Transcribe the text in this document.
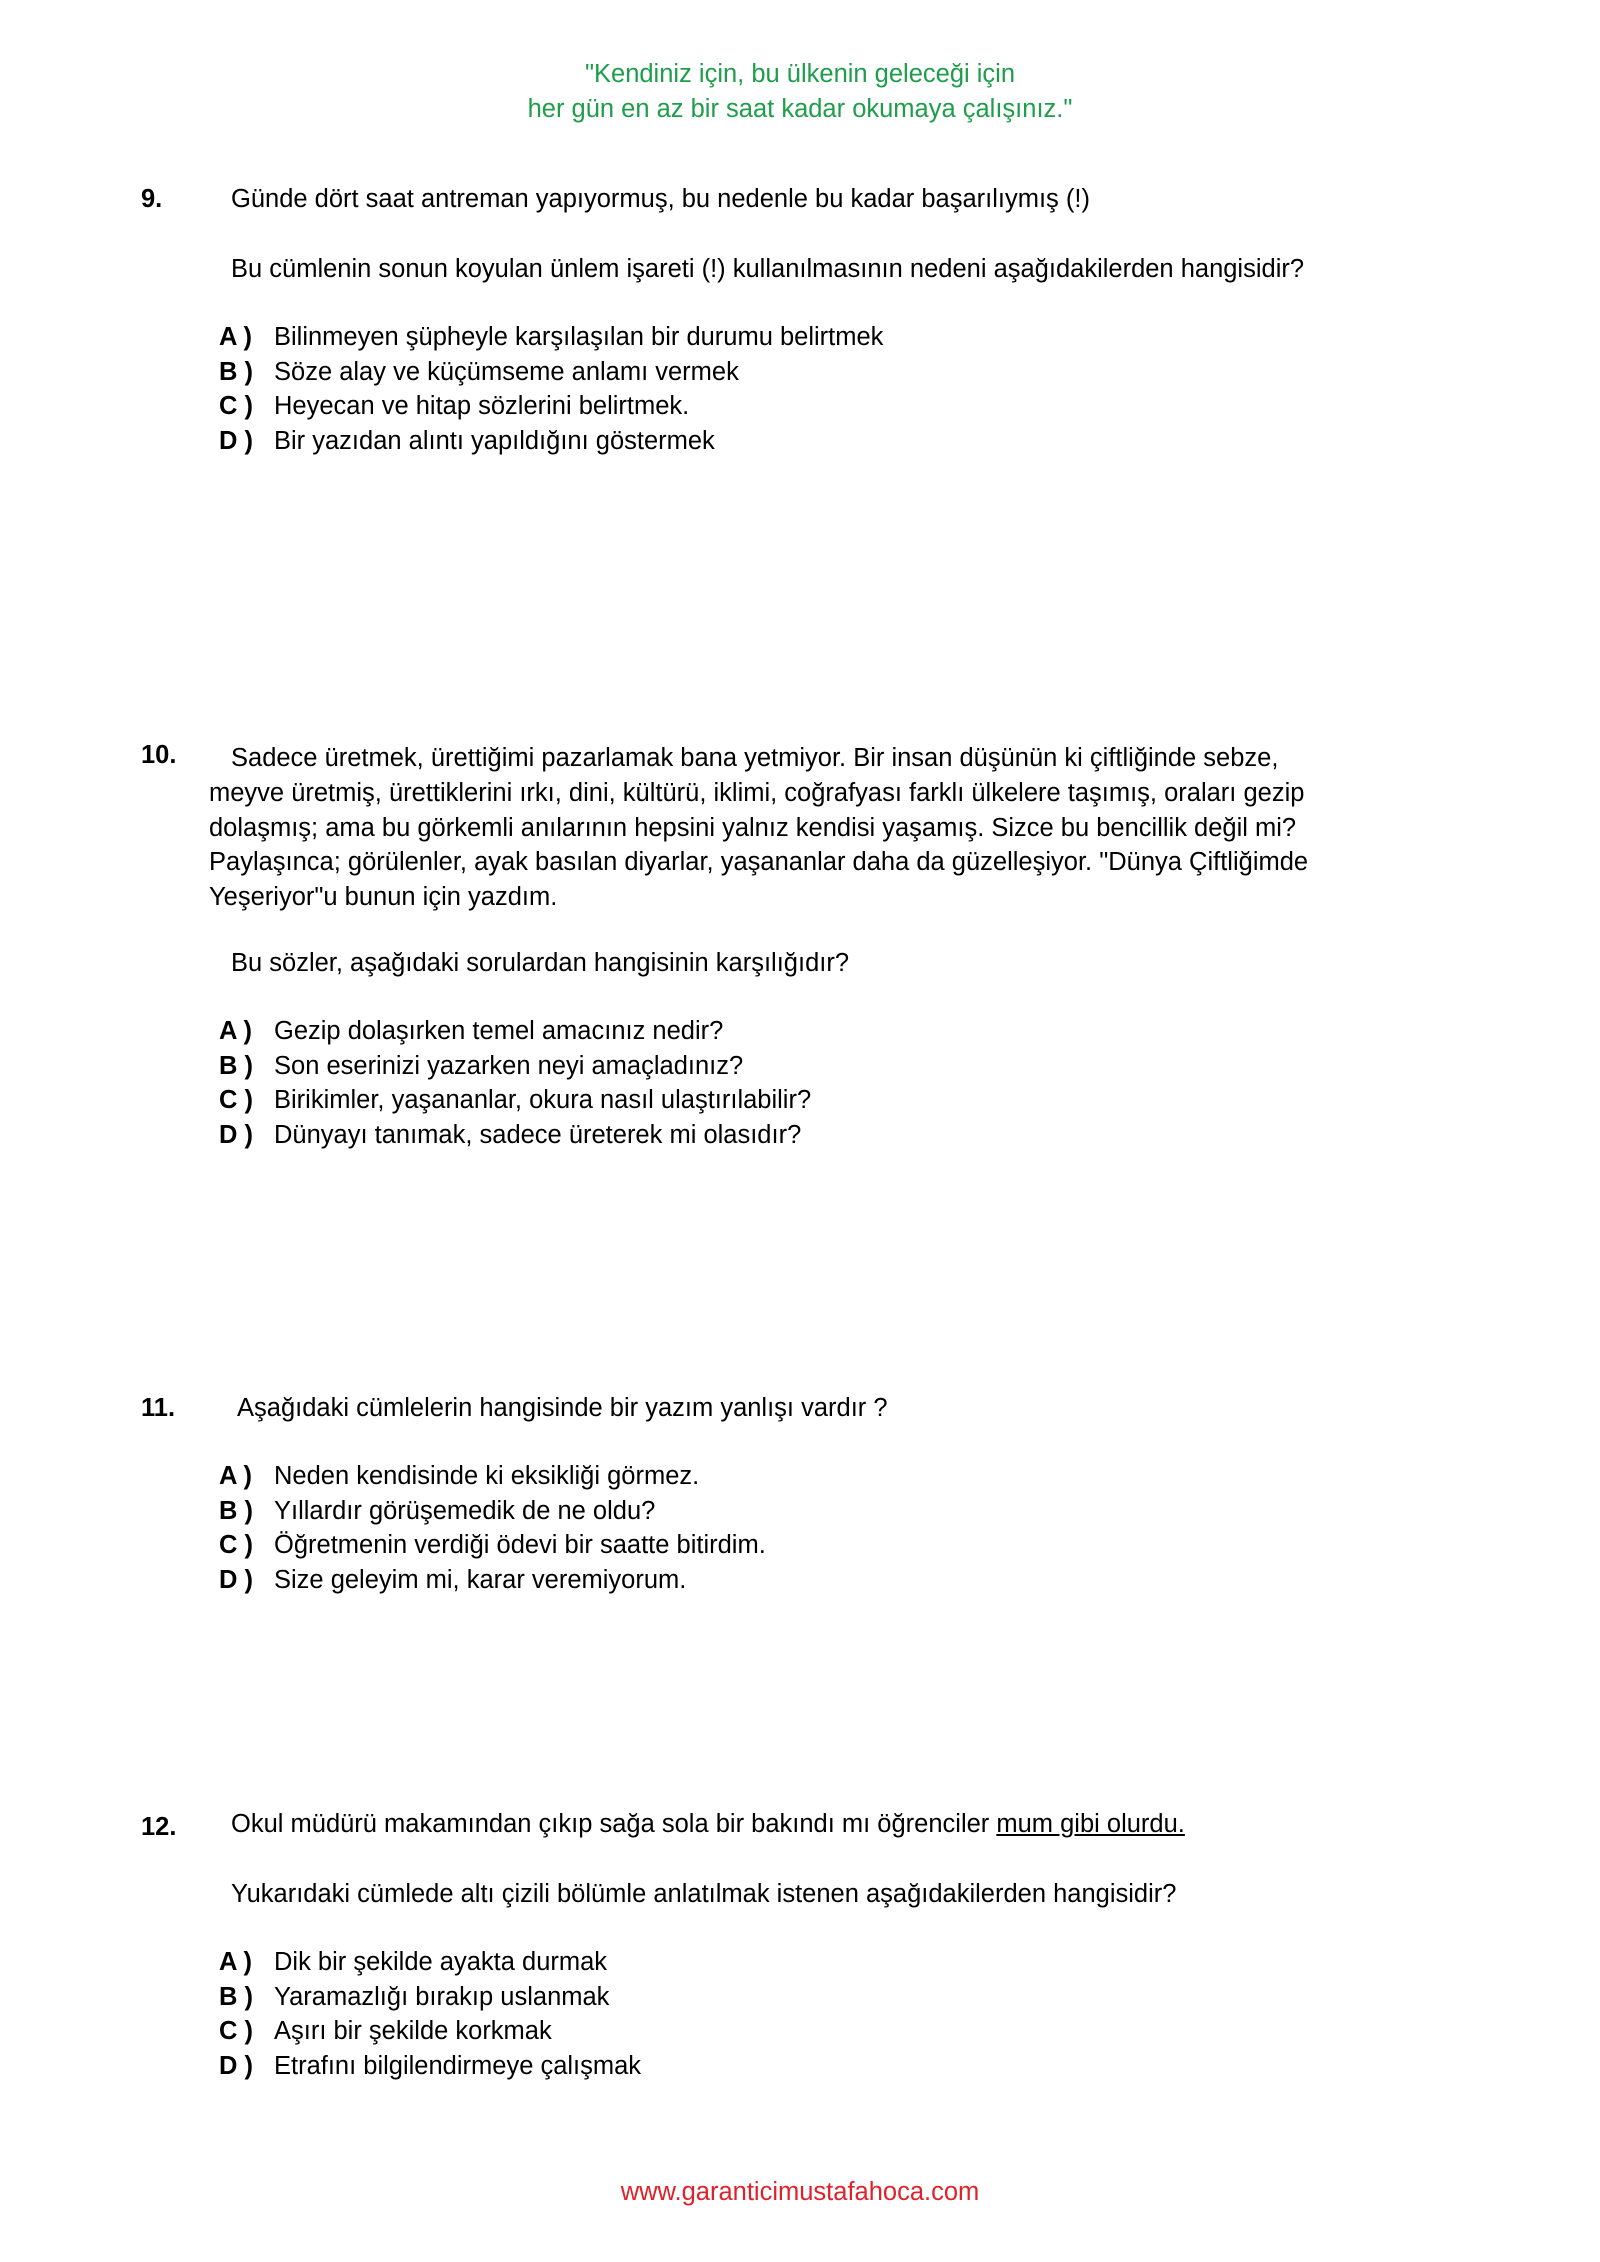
"Kendiniz için, bu ülkenin geleceği için
her gün en az bir saat kadar okumaya çalışınız."
9.	Günde dört saat antreman yapıyormuş, bu nedenle bu kadar başarılıymış (!)
Bu cümlenin sonun koyulan ünlem işareti (!) kullanılmasının nedeni aşağıdakilerden hangisidir?
A ) Bilinmeyen şüpheyle karşılaşılan bir durumu belirtmek
B ) Söze alay ve küçümseme anlamı vermek
C ) Heyecan ve hitap sözlerini belirtmek.
D ) Bir yazıdan alıntı yapıldığını göstermek
10.	Sadece üretmek, ürettiğimi pazarlamak bana yetmiyor. Bir insan düşünün ki çiftliğinde sebze,
meyve üretmiş, ürettiklerini ırkı, dini, kültürü, iklimi, coğrafyası farklı ülkelere taşımış, oraları gezip
dolaşmış; ama bu görkemli anılarının hepsini yalnız kendisi yaşamış. Sizce bu bencillik değil mi?
Paylaşınca; görülenler, ayak basılan diyarlar, yaşananlar daha da güzelleşiyor. "Dünya Çiftliğimde
Yeşeriyor"u bunun için yazdım.
Bu sözler, aşağıdaki sorulardan hangisinin karşılığıdır?
A ) Gezip dolaşırken temel amacınız nedir?
B ) Son eserinizi yazarken neyi amaçladınız?
C ) Birikimler, yaşananlar, okura nasıl ulaştırılabilir?
D ) Dünyayı tanımak, sadece üreterek mi olasıdır?
11. Aşağıdaki cümlelerin hangisinde bir yazım yanlışı vardır ?
A ) Neden kendisinde ki eksikliği görmez.
B ) Yıllardır görüşemedik de ne oldu?
C ) Öğretmenin verdiği ödevi bir saatte bitirdim.
D ) Size geleyim mi, karar veremiyorum.
12. Okul müdürü makamından çıkıp sağa sola bir bakındı mı öğrenciler mum gibi olurdu.
Yukarıdaki cümlede altı çizili bölümle anlatılmak istenen aşağıdakilerden hangisidir?
A ) Dik bir şekilde ayakta durmak
B ) Yaramazlığı bırakıp uslanmak
C ) Aşırı bir şekilde korkmak
D ) Etrafını bilgilendirmeye çalışmak
www.garanticimustafahoca.com
